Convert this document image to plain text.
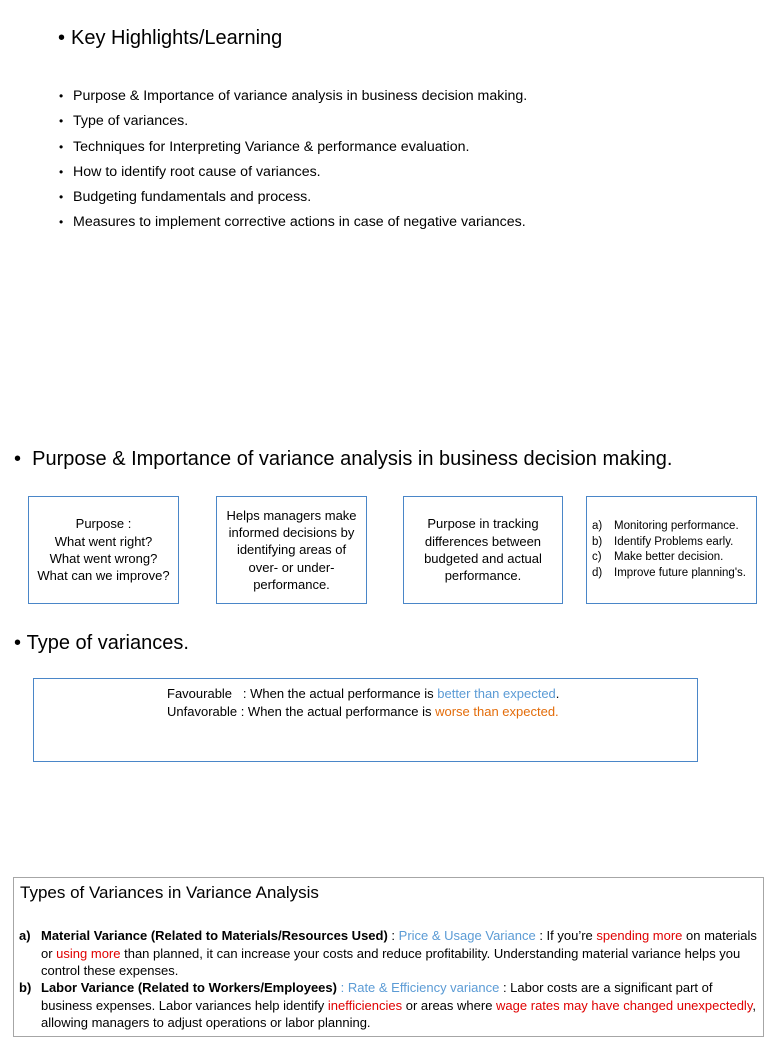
• Key Highlights/Learning
• Purpose & Importance of variance analysis in business decision making.
• Type of variances.
• Techniques for Interpreting Variance & performance evaluation.
• How to identify root cause of variances.
• Budgeting fundamentals and process.
• Measures to implement corrective actions in case of negative variances.
• Purpose & Importance of variance analysis in business decision making.
Purpose :
What went right?
What went wrong?
What can we improve?
Helps managers make
informed decisions by
identifying areas of
over- or under-
performance.
Purpose in tracking
differences between
budgeted and actual
performance.
a) Monitoring performance.
b) Identify Problems early.
c) Make better decision.
d) Improve future planning's.
• Type of variances.
Favourable   : When the actual performance is better than expected.
Unfavorable : When the actual performance is worse than expected.
Types of Variances in Variance Analysis
a) Material Variance (Related to Materials/Resources Used) : Price & Usage Variance : If you’re spending more on materials or using more than planned, it can increase your costs and reduce profitability. Understanding material variance helps you control these expenses.
b) Labor Variance (Related to Workers/Employees) : Rate & Efficiency variance : Labor costs are a significant part of business expenses. Labor variances help identify inefficiencies or areas where wage rates may have changed unexpectedly, allowing managers to adjust operations or labor planning.
